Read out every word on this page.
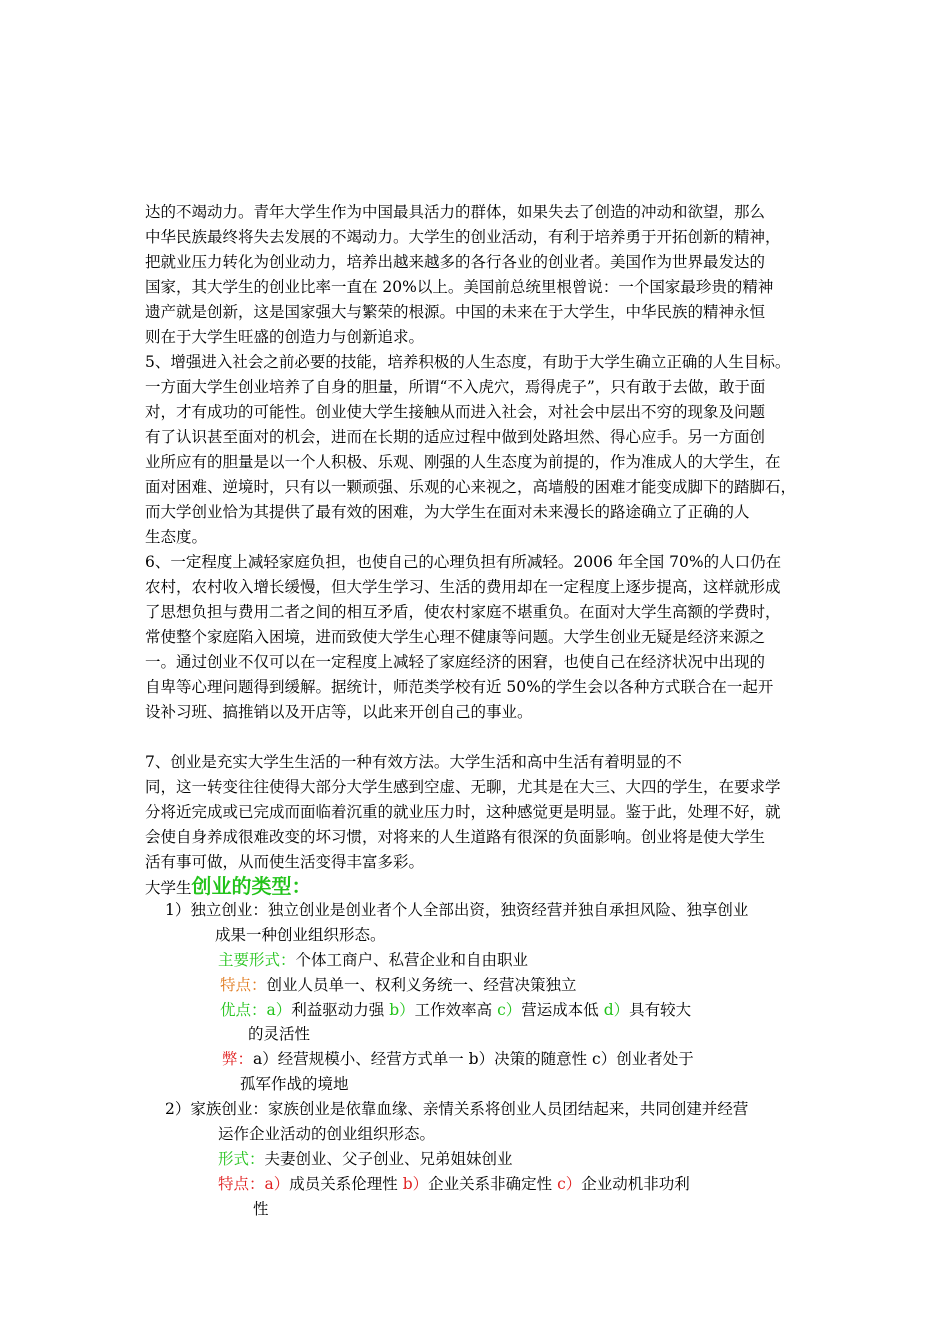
达的不竭动力。青年大学生作为中国最具活力的群体，如果失去了创造的冲动和欲望，那么
中华民族最终将失去发展的不竭动力。大学生的创业活动，有利于培养勇于开拓创新的精神，
把就业压力转化为创业动力，培养出越来越多的各行各业的创业者。美国作为世界最发达的
国家，其大学生的创业比率一直在 20%以上。美国前总统里根曾说：一个国家最珍贵的精神
遗产就是创新，这是国家强大与繁荣的根源。中国的未来在于大学生，中华民族的精神永恒
则在于大学生旺盛的创造力与创新追求。
5、增强进入社会之前必要的技能，培养积极的人生态度，有助于大学生确立正确的人生目标。
一方面大学生创业培养了自身的胆量，所谓“不入虎穴，焉得虎子”，只有敢于去做，敢于面
对，才有成功的可能性。创业使大学生接触从而进入社会，对社会中层出不穷的现象及问题
有了认识甚至面对的机会，进而在长期的适应过程中做到处路坦然、得心应手。另一方面创
业所应有的胆量是以一个人积极、乐观、刚强的人生态度为前提的，作为准成人的大学生，在
面对困难、逆境时，只有以一颗顽强、乐观的心来视之，高墙般的困难才能变成脚下的踏脚石，
而大学创业恰为其提供了最有效的困难，为大学生在面对未来漫长的路途确立了正确的人
生态度。
6、一定程度上减轻家庭负担，也使自己的心理负担有所减轻。2006 年全国 70%的人口仍在
农村，农村收入增长缓慢，但大学生学习、生活的费用却在一定程度上逐步提高，这样就形成
了思想负担与费用二者之间的相互矛盾，使农村家庭不堪重负。在面对大学生高额的学费时，
常使整个家庭陷入困境，进而致使大学生心理不健康等问题。大学生创业无疑是经济来源之
一。通过创业不仅可以在一定程度上减轻了家庭经济的困窘，也使自己在经济状况中出现的
自卑等心理问题得到缓解。据统计，师范类学校有近 50%的学生会以各种方式联合在一起开
设补习班、搞推销以及开店等，以此来开创自己的事业。
7、创业是充实大学生生活的一种有效方法。大学生活和高中生活有着明显的不
同，这一转变往往使得大部分大学生感到空虚、无聊，尤其是在大三、大四的学生，在要求学
分将近完成或已完成而面临着沉重的就业压力时，这种感觉更是明显。鉴于此，处理不好，就
会使自身养成很难改变的坏习惯，对将来的人生道路有很深的负面影响。创业将是使大学生
活有事可做，从而使生活变得丰富多彩。
大学生创业的类型：
1）独立创业：独立创业是创业者个人全部出资，独资经营并独自承担风险、独享创业
成果一种创业组织形态。
主要形式：个体工商户、私营企业和自由职业
特点：创业人员单一、权利义务统一、经营决策独立
优点：a）利益驱动力强 b）工作效率高 c）营运成本低 d）具有较大
的灵活性
弊：a）经营规模小、经营方式单一 b）决策的随意性 c）创业者处于
孤军作战的境地
2）家族创业：家族创业是依靠血缘、亲情关系将创业人员团结起来，共同创建并经营
运作企业活动的创业组织形态。
形式：夫妻创业、父子创业、兄弟姐妹创业
特点：a）成员关系伦理性 b）企业关系非确定性 c）企业动机非功利
性
